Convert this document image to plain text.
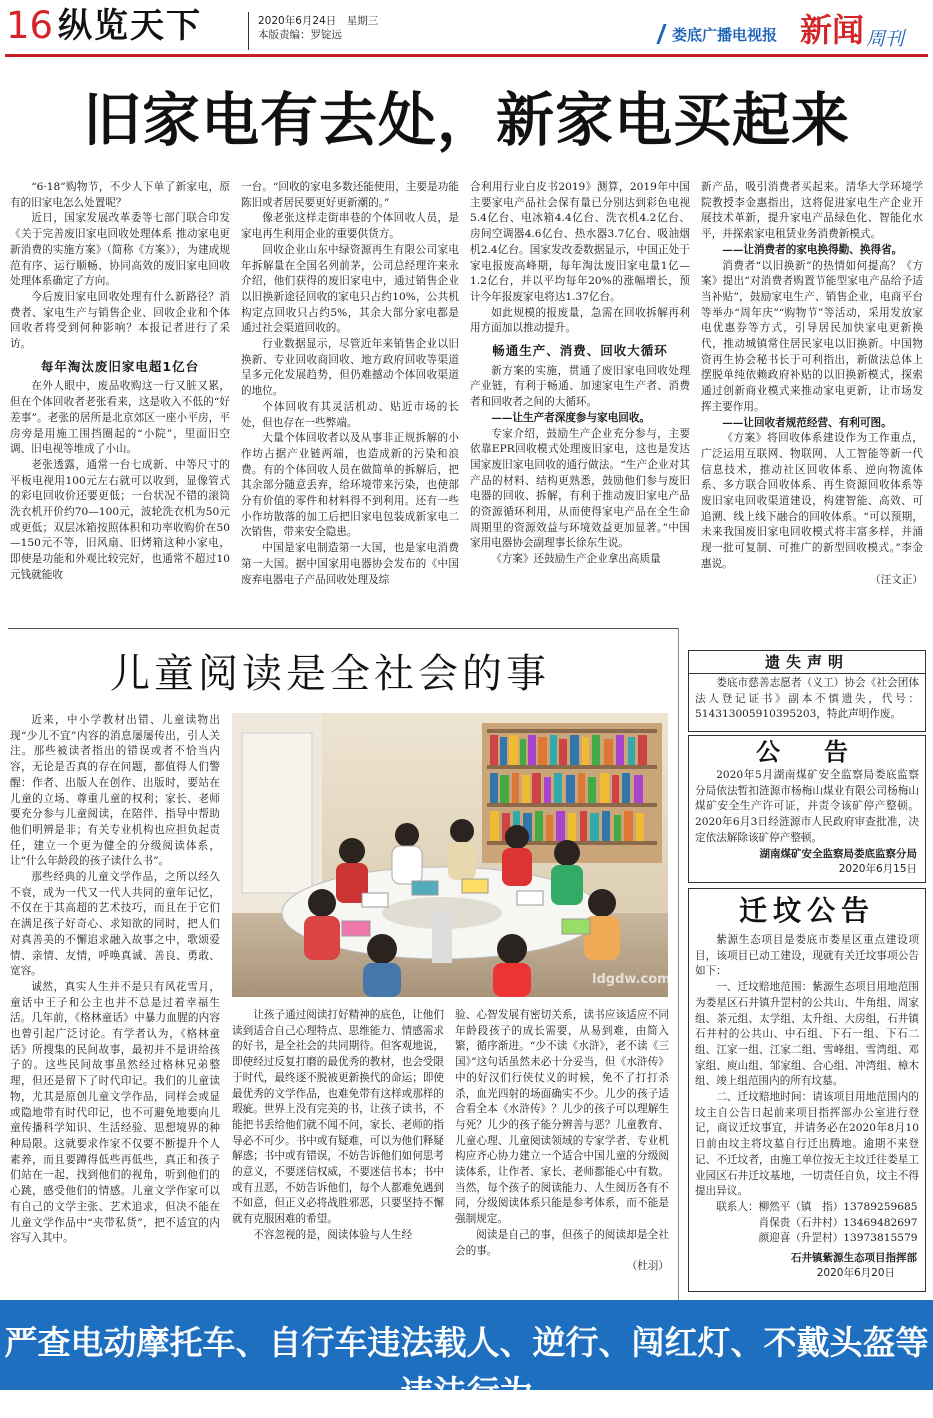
16 纵览天下	2020年6月24日　星期三
本版责编：罗锭远	娄底广播电视报 新闻 周刊
旧家电有去处，新家电买起来

“6·18”购物节，不少人下单了新家电，原有的旧家电怎么处置呢？

近日，国家发展改革委等七部门联合印发《关于完善废旧家电回收处理体系 推动家电更新消费的实施方案》（简称《方案》），为建成规范有序、运行顺畅、协同高效的废旧家电回收处理体系确定了方向。

今后废旧家电回收处理有什么新路径？消费者、家电生产与销售企业、回收企业和个体回收者将受到何种影响？本报记者进行了采访。

每年淘汰废旧家电超1亿台

在外人眼中，废品收购这一行又脏又累，但在个体回收者老张看来，这是收入不低的“好差事”。老张的居所是北京郊区一座小平房，平房旁是用施工围挡圈起的“小院”，里面旧空调、旧电视等堆成了小山。

老张透露，通常一台七成新、中等尺寸的平板电视用100元左右就可以收到，显像管式的彩电回收价还要更低；一台状况不错的滚筒洗衣机开价约70—100元，波轮洗衣机为50元或更低；双层冰箱按照体积和功率收购价在50—150元不等，旧风扇、旧烤箱这种小家电，即使是功能和外观比较完好，也通常不超过10元钱就能收

一台。“回收的家电多数还能使用，主要是功能陈旧或者居民要更好更新潮的。”

像老张这样走街串巷的个体回收人员，是家电再生利用企业的重要供货方。

回收企业山东中绿资源再生有限公司家电年拆解量在全国名列前茅，公司总经理许来永介绍，他们获得的废旧家电中，通过销售企业以旧换新途径回收的家电只占约10%，公共机构定点回收只占约5%，其余大部分家电都是通过社会渠道回收的。

行业数据显示，尽管近年来销售企业以旧换新、专业回收商回收、地方政府回收等渠道呈多元化发展趋势，但仍难撼动个体回收渠道的地位。

个体回收有其灵活机动、贴近市场的长处，但也存在一些弊端。

大量个体回收者以及从事非正规拆解的小作坊占据产业链两端，也造成新的污染和浪费。有的个体回收人员在做简单的拆解后，把其余部分随意丢弃，给环境带来污染，也使部分有价值的零件和材料得不到利用。还有一些小作坊散落的加工后把旧家电包装成新家电二次销售，带来安全隐患。

中国是家电制造第一大国，也是家电消费第一大国。据中国家用电器协会发布的《中国废弃电器电子产品回收处理及综

合利用行业白皮书2019》测算，2019年中国主要家电产品社会保有量已分别达到彩色电视5.4亿台、电冰箱4.4亿台、洗衣机4.2亿台、房间空调器4.6亿台、热水器3.7亿台、吸油烟机2.4亿台。国家发改委数据显示，中国正处于家电报废高峰期，每年淘汰废旧家电量1亿—1.2亿台，并以平均每年20%的涨幅增长，预计今年报废家电将达1.37亿台。

如此规模的报废量，急需在回收拆解再利用方面加以推动提升。

畅通生产、消费、回收大循环

新方案的实施，贯通了废旧家电回收处理产业链，有利于畅通、加速家电生产者、消费者和回收者之间的大循环。

——让生产者深度参与家电回收。

专家介绍，鼓励生产企业充分参与，主要依靠EPR回收模式处理废旧家电，这也是发达国家废旧家电回收的通行做法。“生产企业对其产品的材料、结构更熟悉，鼓励他们参与废旧电器的回收、拆解，有利于推动废旧家电产品的资源循环利用，从而使得家电产品在全生命周期里的资源效益与环境效益更加显著。”中国家用电器协会副理事长徐东生说。

《方案》还鼓励生产企业拿出高质量

新产品，吸引消费者买起来。清华大学环境学院教授李金惠指出，这将促进家电生产企业开展技术革新，提升家电产品绿色化、智能化水平，并探索家电租赁业务消费新模式。

——让消费者的家电换得勤、换得省。

消费者“以旧换新”的热情如何提高？《方案》提出“对消费者购置节能型家电产品给予适当补贴”，鼓励家电生产、销售企业，电商平台等举办“周年庆”“购物节”等活动，采用发放家电优惠券等方式，引导居民加快家电更新换代，推动城镇常住居民家电以旧换新。中国物资再生协会秘书长于可利指出，新做法总体上摆脱单纯依赖政府补贴的以旧换新模式，探索通过创新商业模式来推动家电更新，让市场发挥主要作用。

——让回收者规范经营、有利可图。

《方案》将回收体系建设作为工作重点，广泛运用互联网、物联网、人工智能等新一代信息技术，推动社区回收体系、逆向物流体系、多方联合回收体系、再生资源回收体系等废旧家电回收渠道建设，构建智能、高效、可追溯、线上线下融合的回收体系。“可以预期，未来我国废旧家电回收模式将丰富多样，并涌现一批可复制、可推广的新型回收模式。”李金惠说。

（汪文正）

儿童阅读是全社会的事

近来，中小学教材出错、儿童读物出现“少儿不宜”内容的消息屡屡传出，引人关注。那些被读者指出的错误或者不恰当内容，无论是否真的存在问题，都值得人们警醒：作者、出版人在创作、出版时，要站在儿童的立场、尊重儿童的权利；家长、老师要充分参与儿童阅读，在陪伴、指导中帮助他们明辨是非；有关专业机构也应担负起责任，建立一个更为健全的分级阅读体系，让“什么年龄段的孩子读什么书”。

那些经典的儿童文学作品，之所以经久不衰，成为一代又一代人共同的童年记忆，不仅在于其高超的艺术技巧，而且在于它们在满足孩子好奇心、求知欲的同时，把人们对真善美的不懈追求融入故事之中，歌颂爱情、亲情、友情，呼唤真诚、善良、勇敢、宽容。

诚然，真实人生并不是只有风花雪月，童话中王子和公主也并不总是过着幸福生活。几年前，《格林童话》中暴力血腥的内容也曾引起广泛讨论。有学者认为，《格林童话》所搜集的民间故事，最初并不是讲给孩子的。这些民间故事虽然经过格林兄弟整理，但还是留下了时代印记。我们的儿童读物，尤其是原创儿童文学作品，同样会或显或隐地带有时代印记，也不可避免地要向儿童传播科学知识、生活经验、思想境界的种种局限。这就要求作家不仅要不断提升个人素养，而且要蹲得低些再低些，真正和孩子们站在一起，找到他们的视角，听到他们的心跳，感受他们的情感。儿童文学作家可以有自己的文学主张、艺术追求，但决不能在儿童文学作品中“夹带私货”，把不适宜的内容写入其中。

ldgdw.com

让孩子通过阅读打好精神的底色，让他们读到适合自己心理特点、思维能力、情感需求的好书，是全社会的共同期待。但客观地说，即使经过反复打磨的最优秀的教材，也会受限于时代，最终逐不脱被更新换代的命运；即使最优秀的文学作品，也难免带有这样或那样的瑕疵。世界上没有完美的书，让孩子读书，不能把书丢给他们就不闻不问，家长、老师的指导必不可少。书中或有疑难，可以为他们释疑解惑；书中或有错误，不妨告诉他们如何思考的意义，不要迷信权威，不要迷信书本；书中或有丑恶，不妨告诉他们，每个人都难免遇到不如意，但正义必将战胜邪恶，只要坚持不懈就有克服困难的希望。

不容忽视的是，阅读体验与人生经

验、心智发展有密切关系，读书应该适应不同年龄段孩子的成长需要，从易到难，由简入繁，循序渐进。“少不读《水浒》，老不读《三国》”这句话虽然未必十分妥当，但《水浒传》中的好汉们行侠仗义的时候，免不了打打杀杀，血光四射的场面确实不少。儿少的孩子适合看全本《水浒传》？儿少的孩子可以理解生与死？儿少的孩子能分辨善与恶？儿童教育、儿童心理、儿童阅读领域的专家学者、专业机构应齐心协力建立一个适合中国儿童的分级阅读体系，让作者、家长、老师都能心中有数。当然，每个孩子的阅读能力、人生阅历各有不同，分级阅读体系只能是参考体系，而不能是强制规定。

阅读是自己的事，但孩子的阅读却是全社会的事。

（杜羽）

遗失声明

娄底市慈善志愿者（义工）协会《社会团体法人登记证书》副本不慎遗失，代号：514313005910395203，特此声明作废。

公　告

2020年5月湖南煤矿安全监察局娄底监察分局依法暂扣涟源市杨梅山煤业有限公司杨梅山煤矿安全生产许可证，并责令该矿停产整顿。2020年6月3日经涟源市人民政府审查批准，决定依法解除该矿停产整顿。

湖南煤矿安全监察局娄底监察分局
2020年6月15日
迁坟公告

紫源生态项目是娄底市娄星区重点建设项目，该项目已动工建设，现就有关迁坟事项公告如下：

一、迁坟赔地范围：紫源生态项目用地范围为娄星区石井镇升罡村的公共山、牛角组、周家组、茶元组、太学组、太升组、大房组，石井镇石井村的公共山、中石组、下石一组、下石二组、江家一组、江家二组、雪峰组、雪湾组、邓家组、庾山组、邹家组、合心组、冲湾组、樟木组、竣上组范围内的所有坟墓。

二、迁坟赔地时间：请该项目用地范围内的坟主自公告日起前来项目指挥部办公室进行登记，商议迁坟事宜，并请务必在2020年8月10日前由坟主将坟墓自行迁出腾地。逾期不来登记、不迁坟者，由施工单位按无主坟迁往娄星工业园区石井迁坟基地，一切责任自负，坟主不得提出异议。

联系人： 柳然平（镇　指）13789259685
肖保贵（石井村）13469482697
颜迎喜（升罡村）13973815579
石井镇紫源生态项目指挥部
2020年6月20日
严查电动摩托车、自行车违法载人、逆行、闯红灯、不戴头盔等违法行为
